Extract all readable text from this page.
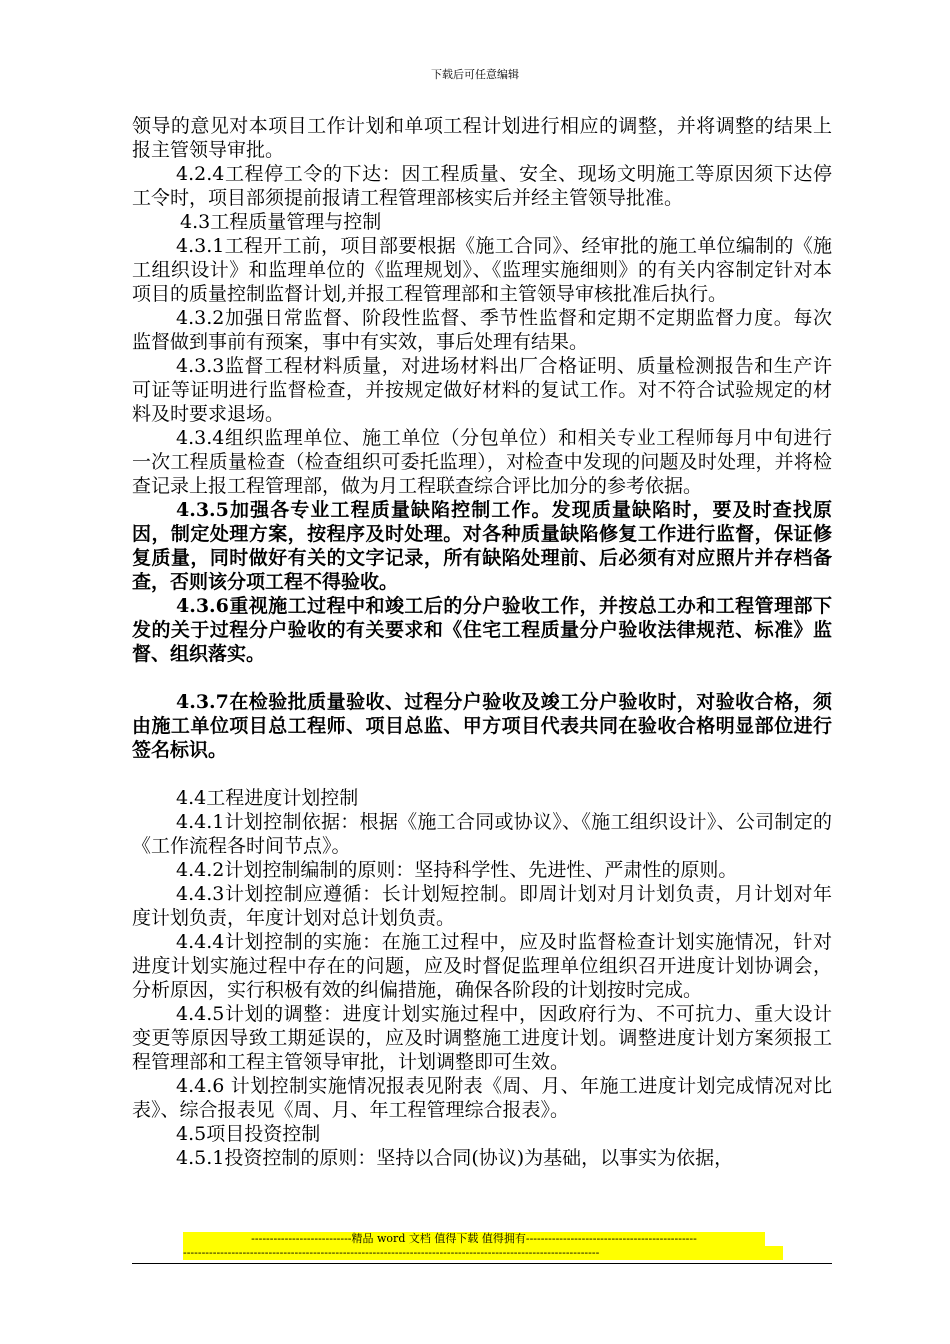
下载后可任意编辑

领导的意见对本项目工作计划和单项工程计划进行相应的调整，并将调整的结果上报主管领导审批。

4.2.4工程停工令的下达：因工程质量、安全、现场文明施工等原因须下达停工令时，项目部须提前报请工程管理部核实后并经主管领导批准。

4.3工程质量管理与控制

4.3.1工程开工前，项目部要根据《施工合同》、经审批的施工单位编制的《施工组织设计》和监理单位的《监理规划》、《监理实施细则》的有关内容制定针对本项目的质量控制监督计划,并报工程管理部和主管领导审核批准后执行。

4.3.2加强日常监督、阶段性监督、季节性监督和定期不定期监督力度。每次监督做到事前有预案，事中有实效，事后处理有结果。

4.3.3监督工程材料质量，对进场材料出厂合格证明、质量检测报告和生产许可证等证明进行监督检查，并按规定做好材料的复试工作。对不符合试验规定的材料及时要求退场。

4.3.4组织监理单位、施工单位（分包单位）和相关专业工程师每月中旬进行一次工程质量检查（检查组织可委托监理），对检查中发现的问题及时处理，并将检查记录上报工程管理部，做为月工程联查综合评比加分的参考依据。

4.3.5加强各专业工程质量缺陷控制工作。发现质量缺陷时，要及时查找原因，制定处理方案，按程序及时处理。对各种质量缺陷修复工作进行监督，保证修复质量，同时做好有关的文字记录，所有缺陷处理前、后必须有对应照片并存档备查，否则该分项工程不得验收。

4.3.6重视施工过程中和竣工后的分户验收工作，并按总工办和工程管理部下发的关于过程分户验收的有关要求和《住宅工程质量分户验收法律规范、标准》监督、组织落实。

4.3.7在检验批质量验收、过程分户验收及竣工分户验收时，对验收合格，须由施工单位项目总工程师、项目总监、甲方项目代表共同在验收合格明显部位进行签名标识。

4.4工程进度计划控制

4.4.1计划控制依据：根据《施工合同或协议》、《施工组织设计》、公司制定的《工作流程各时间节点》。

4.4.2计划控制编制的原则：坚持科学性、先进性、严肃性的原则。

4.4.3计划控制应遵循：长计划短控制。即周计划对月计划负责，月计划对年度计划负责，年度计划对总计划负责。

4.4.4计划控制的实施：在施工过程中，应及时监督检查计划实施情况，针对进度计划实施过程中存在的问题，应及时督促监理单位组织召开进度计划协调会，分析原因，实行积极有效的纠偏措施，确保各阶段的计划按时完成。

4.4.5计划的调整：进度计划实施过程中，因政府行为、不可抗力、重大设计变更等原因导致工期延误的，应及时调整施工进度计划。调整进度计划方案须报工程管理部和工程主管领导审批，计划调整即可生效。

4.4.6 计划控制实施情况报表见附表《周、月、年施工进度计划完成情况对比表》、综合报表见《周、月、年工程管理综合报表》。

4.5项目投资控制

4.5.1投资控制的原则：坚持以合同(协议)为基础，以事实为依据，

---------------------------精品 word 文档 值得下载 值得拥有----------------------------------------------
----------------------------------------------------------------------------------------------------------------
